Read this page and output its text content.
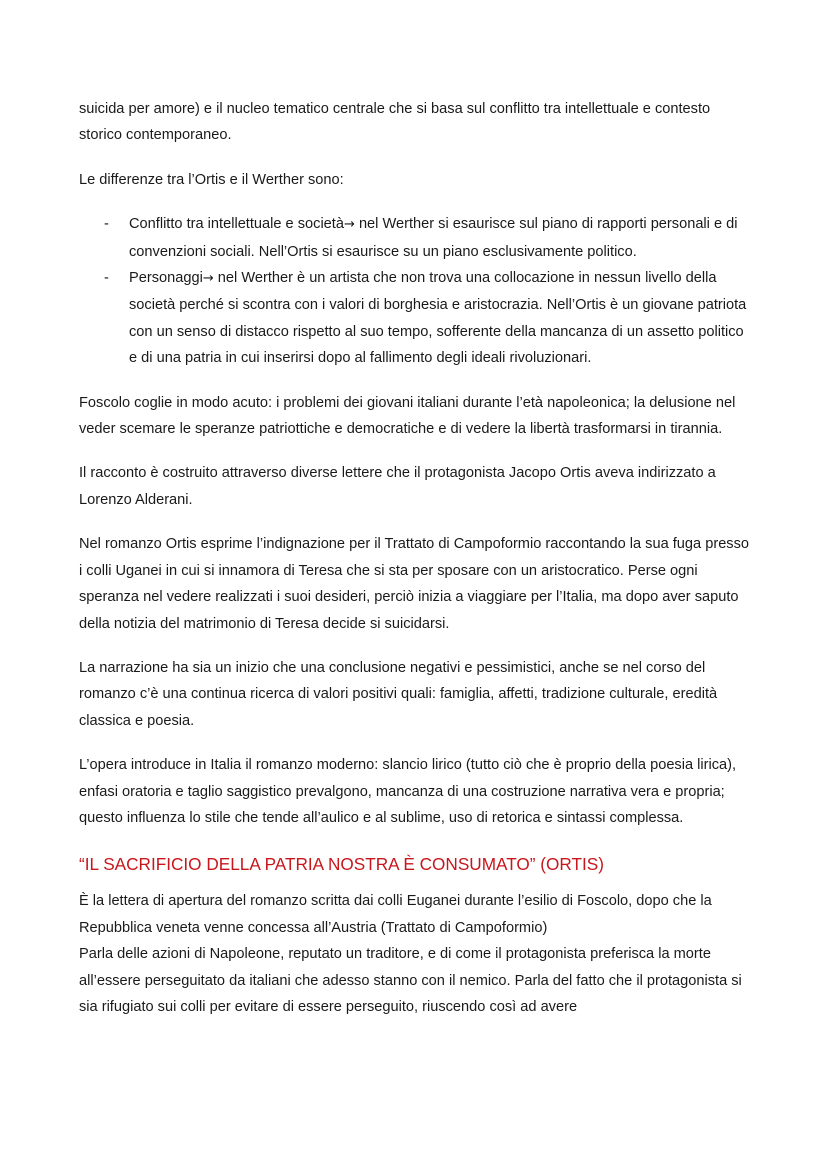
suicida per amore) e il nucleo tematico centrale che si basa sul conflitto tra intellettuale e contesto storico contemporaneo.

Le differenze tra l’Ortis e il Werther sono:

- Conflitto tra intellettuale e società→ nel Werther si esaurisce sul piano di rapporti personali e di convenzioni sociali. Nell’Ortis si esaurisce su un piano esclusivamente politico.
- Personaggi→ nel Werther è un artista che non trova una collocazione in nessun livello della società perché si scontra con i valori di borghesia e aristocrazia. Nell’Ortis è un giovane patriota con un senso di distacco rispetto al suo tempo, sofferente della mancanza di un assetto politico e di una patria in cui inserirsi dopo al fallimento degli ideali rivoluzionari.

Foscolo coglie in modo acuto: i problemi dei giovani italiani durante l’età napoleonica; la delusione nel veder scemare le speranze patriottiche e democratiche e di vedere la libertà trasformarsi in tirannia.

Il racconto è costruito attraverso diverse lettere che il protagonista Jacopo Ortis aveva indirizzato a Lorenzo Alderani.

Nel romanzo Ortis esprime l’indignazione per il Trattato di Campoformio raccontando la sua fuga presso i colli Uganei in cui si innamora di Teresa che si sta per sposare con un aristocratico. Perse ogni speranza nel vedere realizzati i suoi desideri, perciò inizia a viaggiare per l’Italia, ma dopo aver saputo della notizia del matrimonio di Teresa decide si suicidarsi.

La narrazione ha sia un inizio che una conclusione negativi e pessimistici, anche se nel corso del romanzo c’è una continua ricerca di valori positivi quali: famiglia, affetti, tradizione culturale, eredità classica e poesia.

L’opera introduce in Italia il romanzo moderno: slancio lirico (tutto ciò che è proprio della poesia lirica), enfasi oratoria e taglio saggistico prevalgono, mancanza di una costruzione narrativa vera e propria; questo influenza lo stile che tende all’aulico e al sublime, uso di retorica e sintassi complessa.

“IL SACRIFICIO DELLA PATRIA NOSTRA È CONSUMATO” (ORTIS)

È la lettera di apertura del romanzo scritta dai colli Euganei durante l’esilio di Foscolo, dopo che la Repubblica veneta venne concessa all’Austria (Trattato di Campoformio)

Parla delle azioni di Napoleone, reputato un traditore, e di come il protagonista preferisca la morte all’essere perseguitato da italiani che adesso stanno con il nemico. Parla del fatto che il protagonista si sia rifugiato sui colli per evitare di essere perseguito, riuscendo così ad avere
